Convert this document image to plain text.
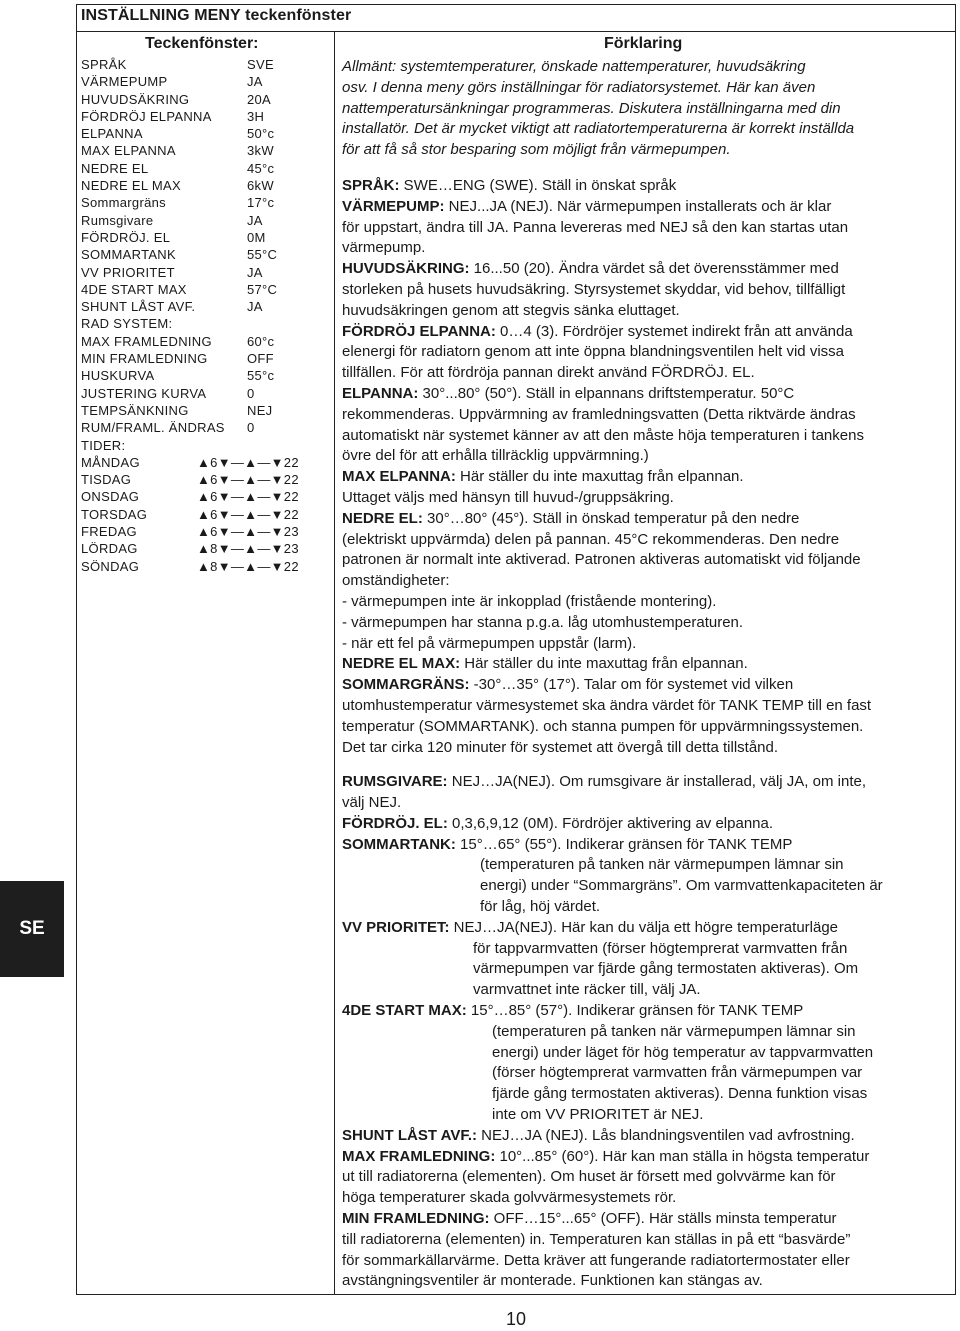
INSTÄLLNING MENY teckenfönster
Teckenfönster:	Förklaring
SPRÅK	SVE
VÄRMEPUMP	JA
HUVUDSÄKRING	20A
FÖRDRÖJ ELPANNA	3H
ELPANNA	50°c
MAX ELPANNA	3kW
NEDRE EL	45°c
NEDRE EL MAX	6kW
Sommargräns	17°c
Rumsgivare	JA
FÖRDRÖJ. EL	0M
SOMMARTANK	55°C
VV PRIORITET	JA
4DE START MAX	57°C
SHUNT LÅST AVF.	JA
RAD SYSTEM:
MAX FRAMLEDNING	60°c
MIN FRAMLEDNING	OFF
HUSKURVA	55°c
JUSTERING KURVA	0
TEMPSÄNKNING	NEJ
RUM/FRAML. ÄNDRAS 0
TIDER:
MÅNDAG	▲6▼—▲—▼22
TISDAG	▲6▼—▲—▼22
ONSDAG	▲6▼—▲—▼22
TORSDAG	▲6▼—▲—▼22
FREDAG	▲6▼—▲—▼23
LÖRDAG	▲8▼—▲—▼23
SÖNDAG	▲8▼—▲—▼22

Allmänt: systemtemperaturer, önskade nattemperaturer, huvudsäkring

osv. I denna meny görs inställningar för radiatorsystemet. Här kan även

nattemperatursänkningar programmeras. Diskutera inställningarna med din

installatör. Det är mycket viktigt att radiatortemperaturerna är korrekt inställda

för att få så stor besparing som möjligt från värmepumpen.

SPRÅK: SWE…ENG (SWE). Ställ in önskat språk

VÄRMEPUMP: NEJ...JA (NEJ). När värmepumpen installerats och är klar

för uppstart, ändra till JA. Panna levereras med NEJ så den kan startas utan

värmepump.

HUVUDSÄKRING: 16...50 (20). Ändra värdet så det överensstämmer med

storleken på husets huvudsäkring. Styrsystemet skyddar, vid behov, tillfälligt

huvudsäkringen genom att stegvis sänka eluttaget.

FÖRDRÖJ ELPANNA: 0…4 (3). Fördröjer systemet indirekt från att använda

elenergi för radiatorn genom att inte öppna blandningsventilen helt vid vissa

tillfällen. För att fördröja pannan direkt använd FÖRDRÖJ. EL.

ELPANNA: 30°...80° (50°). Ställ in elpannans driftstemperatur. 50°C

rekommenderas. Uppvärmning av framledningsvatten (Detta riktvärde ändras

automatiskt när systemet känner av att den måste höja temperaturen i tankens

övre del för att erhålla tillräcklig uppvärmning.)

MAX ELPANNA: Här ställer du inte maxuttag från elpannan.

Uttaget väljs med hänsyn till huvud-/gruppsäkring.

NEDRE EL: 30°…80° (45°). Ställ in önskad temperatur på den nedre

(elektriskt uppvärmda) delen på pannan. 45°C rekommenderas. Den nedre

patronen är normalt inte aktiverad. Patronen aktiveras automatiskt vid följande

omständigheter:

- värmepumpen inte är inkopplad (fristående montering).

- värmepumpen har stanna p.g.a. låg utomhustemperaturen.

- när ett fel på värmepumpen uppstår (larm).

NEDRE EL MAX: Här ställer du inte maxuttag från elpannan.

SOMMARGRÄNS: -30°…35° (17°). Talar om för systemet vid vilken

utomhustemperatur värmesystemet ska ändra värdet för TANK TEMP till en fast

temperatur (SOMMARTANK). och stanna pumpen för uppvärmningssystemen.

Det tar cirka 120 minuter för systemet att övergå till detta tillstånd.

RUMSGIVARE: NEJ…JA(NEJ). Om rumsgivare är installerad, välj JA, om inte,

välj NEJ.

FÖRDRÖJ. EL: 0,3,6,9,12 (0M). Fördröjer aktivering av elpanna.

SOMMARTANK: 15°…65° (55°). Indikerar gränsen för TANK TEMP

(temperaturen på tanken när värmepumpen lämnar sin

energi) under “Sommargräns”. Om varmvattenkapaciteten är

för låg, höj värdet.

VV PRIORITET: NEJ…JA(NEJ). Här kan du välja ett högre temperaturläge

för tappvarmvatten (förser högtemprerat varmvatten från

värmepumpen var fjärde gång termostaten aktiveras). Om

varmvattnet inte räcker till, välj JA.

4DE START MAX: 15°…85° (57°). Indikerar gränsen för TANK TEMP

(temperaturen på tanken när värmepumpen lämnar sin

energi) under läget för hög temperatur av tappvarmvatten

(förser högtemprerat varmvatten från värmepumpen var

fjärde gång termostaten aktiveras). Denna funktion visas

inte om VV PRIORITET är NEJ.

SHUNT LÅST AVF.: NEJ…JA (NEJ). Lås blandningsventilen vad avfrostning.

MAX FRAMLEDNING: 10°...85° (60°). Här kan man ställa in högsta temperatur

ut till radiatorerna (elementen). Om huset är försett med golvvärme kan för

höga temperaturer skada golvvärmesystemets rör.

MIN FRAMLEDNING: OFF…15°...65° (OFF). Här ställs minsta temperatur

till radiatorerna (elementen) in. Temperaturen kan ställas in på ett “basvärde”

för sommarkällarvärme. Detta kräver att fungerande radiatortermostater eller

avstängningsventiler är monterade. Funktionen kan stängas av.

SE
10
